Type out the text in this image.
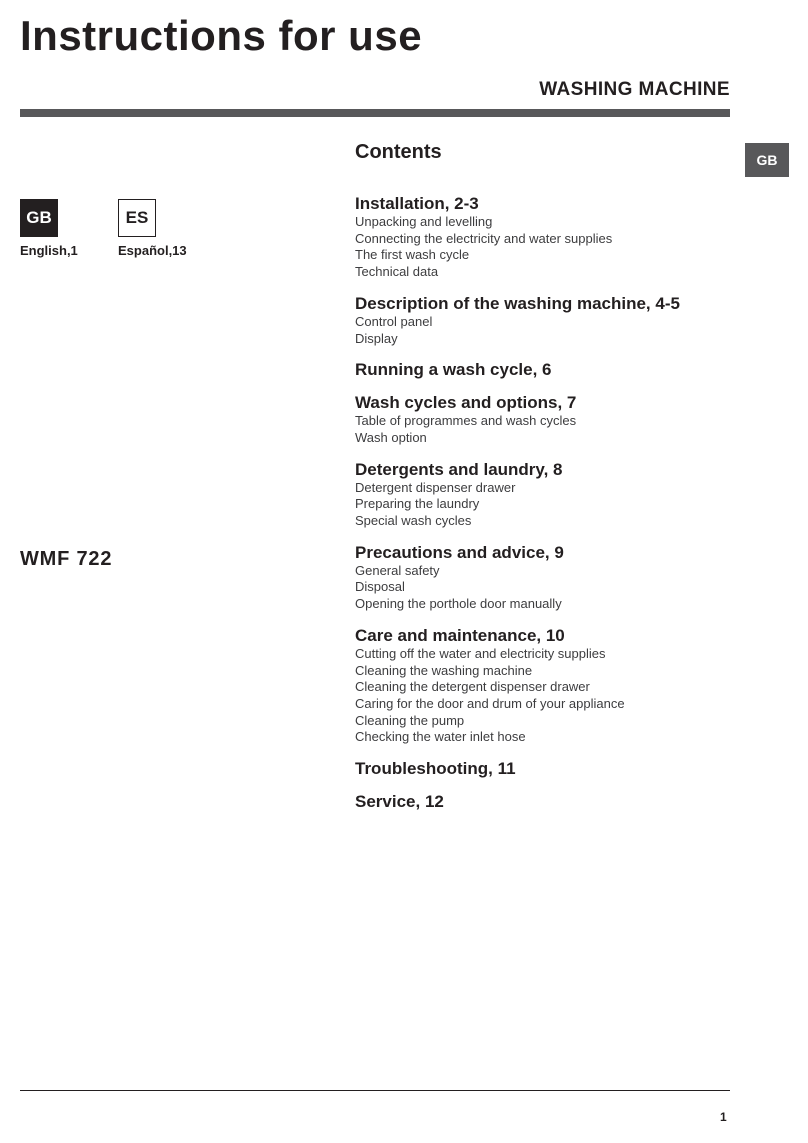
Instructions for use
WASHING MACHINE
GB
GB
English,1
ES
Español,13
WMF 722
Contents
Installation, 2-3
Unpacking and levelling
Connecting the electricity and water supplies
The first wash cycle
Technical data
Description of the washing machine, 4-5
Control panel
Display
Running a wash cycle, 6
Wash cycles and options, 7
Table of programmes and wash cycles
Wash option
Detergents and laundry, 8
Detergent dispenser drawer
Preparing the laundry
Special wash cycles
Precautions and advice, 9
General safety
Disposal
Opening the porthole door manually
Care and maintenance, 10
Cutting off the water and electricity supplies
Cleaning the washing machine
Cleaning the detergent dispenser drawer
Caring for the door and drum of your appliance
Cleaning the pump
Checking the water inlet hose
Troubleshooting, 11
Service, 12
1
